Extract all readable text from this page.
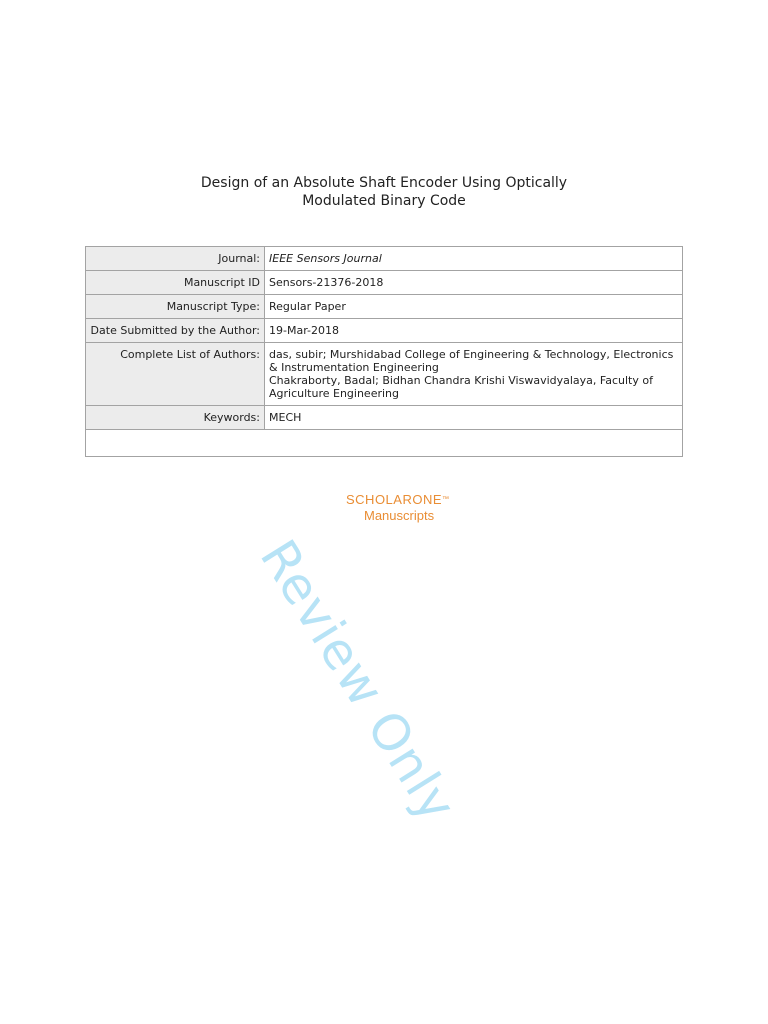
Review Only
Design of an Absolute Shaft Encoder Using Optically
Modulated Binary Code
Journal:	IEEE Sensors Journal
Manuscript ID	Sensors-21376-2018
Manuscript Type:	Regular Paper
Date Submitted by the Author:	19-Mar-2018
Complete List of Authors:	das, subir; Murshidabad College of Engineering & Technology, Electronics & Instrumentation Engineering
Chakraborty, Badal; Bidhan Chandra Krishi Viswavidyalaya, Faculty of Agriculture Engineering

Keywords:	MECH

SCHOLARONE™
Manuscripts
